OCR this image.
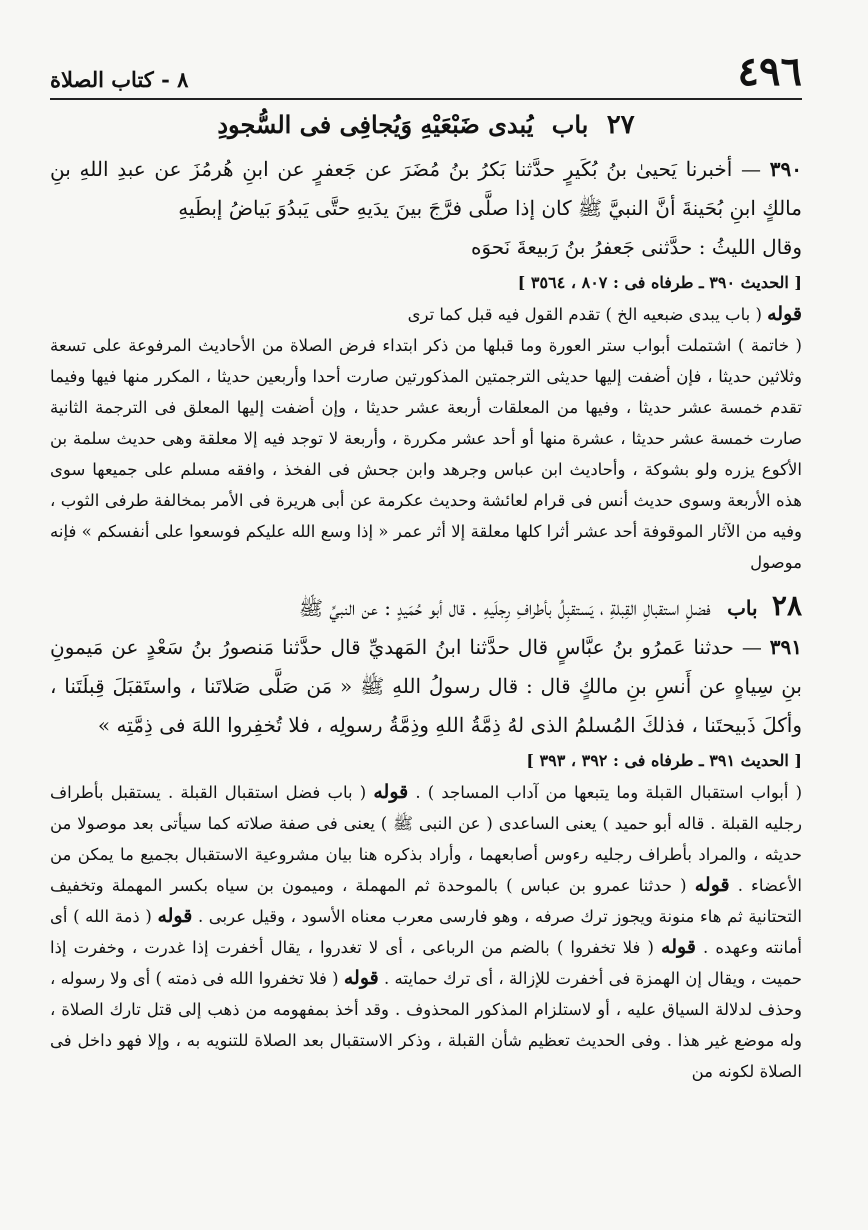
٤٩٦
٨ - كتاب الصلاة
٢٧ باب يُبدى ضَبْعَيْهِ وَيُجافِى فى السُّجودِ

٣٩٠ — أخبرنا يَحيىٰ بنُ بُكَيرٍ حدَّثنا بَكرُ بنُ مُضَرَ عن جَعفرٍ عن ابنِ هُرمُزَ عن عبدِ اللهِ بنِ مالكٍ ابنِ بُحَينةَ أنَّ النبيَّ ﷺ كان إذا صلَّى فرَّجَ بينَ يدَيهِ حتَّى يَبدُوَ بَياضُ إبطَيهِ

وقال الليثُ : حدَّثنى جَعفرُ بنُ رَبيعةَ نَحوَه

[ الحديث ٣٩٠ ـ طرفاه فى : ٨٠٧ ، ٣٥٦٤ ]

قوله ( باب يبدى ضبعيه الخ ) تقدم القول فيه قبل كما ترى

( خاتمة ) اشتملت أبواب ستر العورة وما قبلها من ذكر ابتداء فرض الصلاة من الأحاديث المرفوعة على تسعة وثلاثين حديثا ، فإن أضفت إليها حديثى الترجمتين المذكورتين صارت أحدا وأربعين حديثا ، المكرر منها فيها وفيما تقدم خمسة عشر حديثا ، وفيها من المعلقات أربعة عشر حديثا ، وإن أضفت إليها المعلق فى الترجمة الثانية صارت خمسة عشر حديثا ، عشرة منها أو أحد عشر مكررة ، وأربعة لا توجد فيه إلا معلقة وهى حديث سلمة بن الأكوع يزره ولو بشوكة ، وأحاديث ابن عباس وجرهد وابن جحش فى الفخذ ، وافقه مسلم على جميعها سوى هذه الأربعة وسوى حديث أنس فى قرام لعائشة وحديث عكرمة عن أبى هريرة فى الأمر بمخالفة طرفى الثوب ، وفيه من الآثار الموقوفة أحد عشر أثرا كلها معلقة إلا أثر عمر « إذا وسع الله عليكم فوسعوا على أنفسكم » فإنه موصول

٢٨ باب فضلِ استقبالِ القِبلةِ ، يَستقبِلُ بأطرافِ رِجلَيهِ . قال أبو حُمَيدٍ : عن النبيِّ ﷺ

٣٩١ — حدثنا عَمرُو بنُ عبَّاسٍ قال حدَّثنا ابنُ المَهديِّ قال حدَّثنا مَنصورُ بنُ سَعْدٍ عن مَيمونِ بنِ سِياهٍ عن أَنسِ بنِ مالكٍ قال : قال رسولُ اللهِ ﷺ « مَن صَلَّى صَلاتَنا ، واستَقبَلَ قِبلَتَنا ، وأكلَ ذَبيحتَنا ، فذلكَ المُسلمُ الذى لهُ ذِمَّةُ اللهِ وذِمَّةُ رسولِه ، فلا تُخفِروا اللهَ فى ذِمَّتِه »

[ الحديث ٣٩١ ـ طرفاه فى : ٣٩٢ ، ٣٩٣ ]

( أبواب استقبال القبلة وما يتبعها من آداب المساجد ) . قوله ( باب فضل استقبال القبلة . يستقبل بأطراف رجليه القبلة . قاله أبو حميد ) يعنى الساعدى ( عن النبى ﷺ ) يعنى فى صفة صلاته كما سيأتى بعد موصولا من حديثه ، والمراد بأطراف رجليه رءوس أصابعهما ، وأراد بذكره هنا بيان مشروعية الاستقبال بجميع ما يمكن من الأعضاء . قوله ( حدثنا عمرو بن عباس ) بالموحدة ثم المهملة ، وميمون بن سياه بكسر المهملة وتخفيف التحتانية ثم هاء منونة ويجوز ترك صرفه ، وهو فارسى معرب معناه الأسود ، وقيل عربى . قوله ( ذمة الله ) أى أمانته وعهده . قوله ( فلا تخفروا ) بالضم من الرباعى ، أى لا تغدروا ، يقال أخفرت إذا غدرت ، وخفرت إذا حميت ، ويقال إن الهمزة فى أخفرت للإزالة ، أى ترك حمايته . قوله ( فلا تخفروا الله فى ذمته ) أى ولا رسوله ، وحذف لدلالة السياق عليه ، أو لاستلزام المذكور المحذوف . وقد أخذ بمفهومه من ذهب إلى قتل تارك الصلاة ، وله موضع غير هذا . وفى الحديث تعظيم شأن القبلة ، وذكر الاستقبال بعد الصلاة للتنويه به ، وإلا فهو داخل فى الصلاة لكونه من
